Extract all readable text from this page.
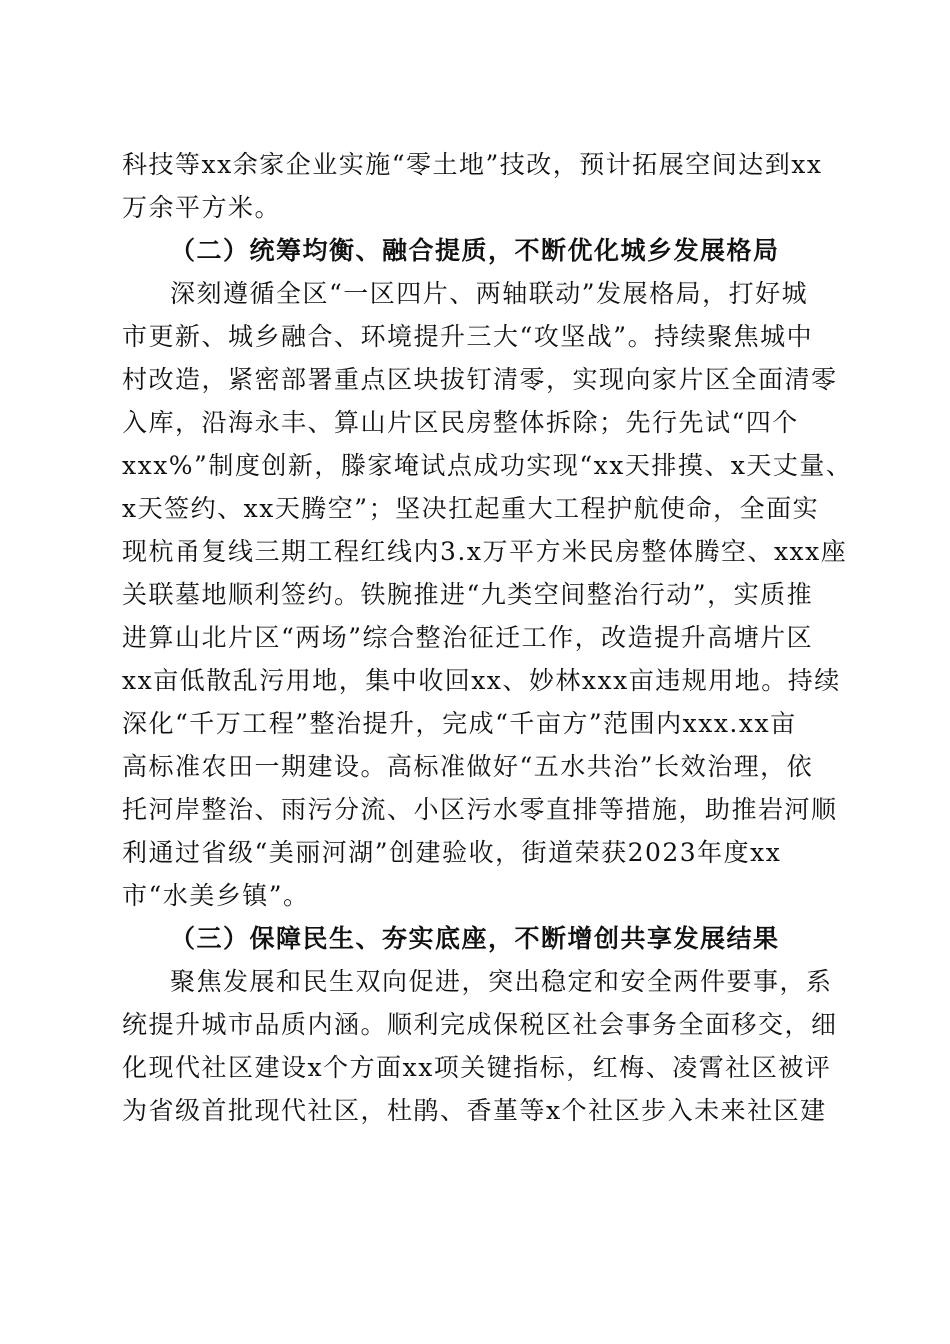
科技等xx余家企业实施“零土地”技改，预计拓展空间达到xx
万余平方米。
（二）统筹均衡、融合提质，不断优化城乡发展格局
深刻遵循全区“一区四片、两轴联动”发展格局，打好城
市更新、城乡融合、环境提升三大“攻坚战”。持续聚焦城中
村改造，紧密部署重点区块拔钉清零，实现向家片区全面清零
入库，沿海永丰、算山片区民房整体拆除；先行先试“四个
xxx%”制度创新，滕家埯试点成功实现“xx天排摸、x天丈量、
x天签约、xx天腾空”；坚决扛起重大工程护航使命，全面实
现杭甬复线三期工程红线内3.x万平方米民房整体腾空、xxx座
关联墓地顺利签约。铁腕推进“九类空间整治行动”，实质推
进算山北片区“两场”综合整治征迁工作，改造提升高塘片区
xx亩低散乱污用地，集中收回xx、妙林xxx亩违规用地。持续
深化“千万工程”整治提升，完成“千亩方”范围内xxx.xx亩
高标准农田一期建设。高标准做好“五水共治”长效治理，依
托河岸整治、雨污分流、小区污水零直排等措施，助推岩河顺
利通过省级“美丽河湖”创建验收，街道荣获2023年度xx
市“水美乡镇”。
（三）保障民生、夯实底座，不断增创共享发展结果
聚焦发展和民生双向促进，突出稳定和安全两件要事，系
统提升城市品质内涵。顺利完成保税区社会事务全面移交，细
化现代社区建设x个方面xx项关键指标，红梅、凌霄社区被评
为省级首批现代社区，杜鹃、香堇等x个社区步入未来社区建
